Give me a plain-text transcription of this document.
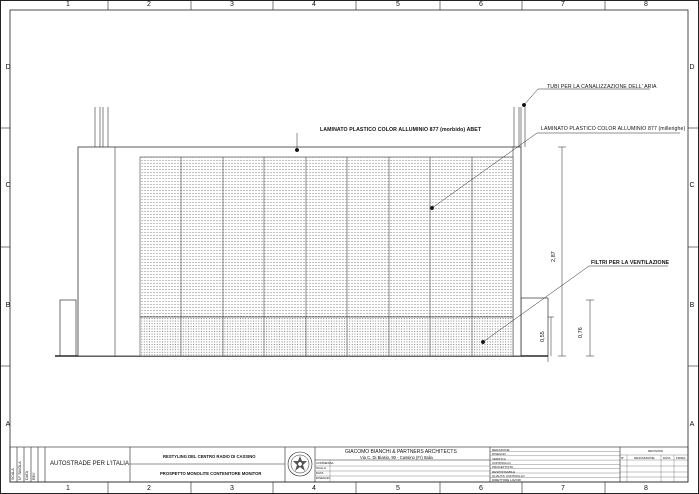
1	2	3	4	5	6	7	8
1	2	3	4	5	6	7	8
D
C
B
A
D
C
B
A
LAMINATO PLASTICO COLOR ALLUMINIO 877 (morbido) ABET
TUBI PER LA CANALIZZAZIONE DELL' ARIA
LAMINATO PLASTICO COLOR ALLUMINIO 877 (millerighe)
FILTRI PER LA VENTILAZIONE
2,87
0,55	0,76
AUTOSTRADE PER L'ITALIA
RESTYLING DEL CENTRO RADIO DI CASSINO
PROSPETTO MONOLITE CONTENITORE MONITOR
GIACOMO BIANCHI & PARTNERS ARCHITECTS
Via C. Di Biasio, 90 - Cassino (Fr) Italia
COMMESSA
SCALA
DATA
DISEGNO
REDAZIONE
DISEGNO
VERIFICA
CONTROLLO
PROGETTISTA
RESPONSABILE
QUALITA' CONTROLLO
DIRETTORE LAVORI
REVISIONI
N°	DESCRIZIONE	DATA FIRMA
SCALA N° TAVOLA DATA REV
